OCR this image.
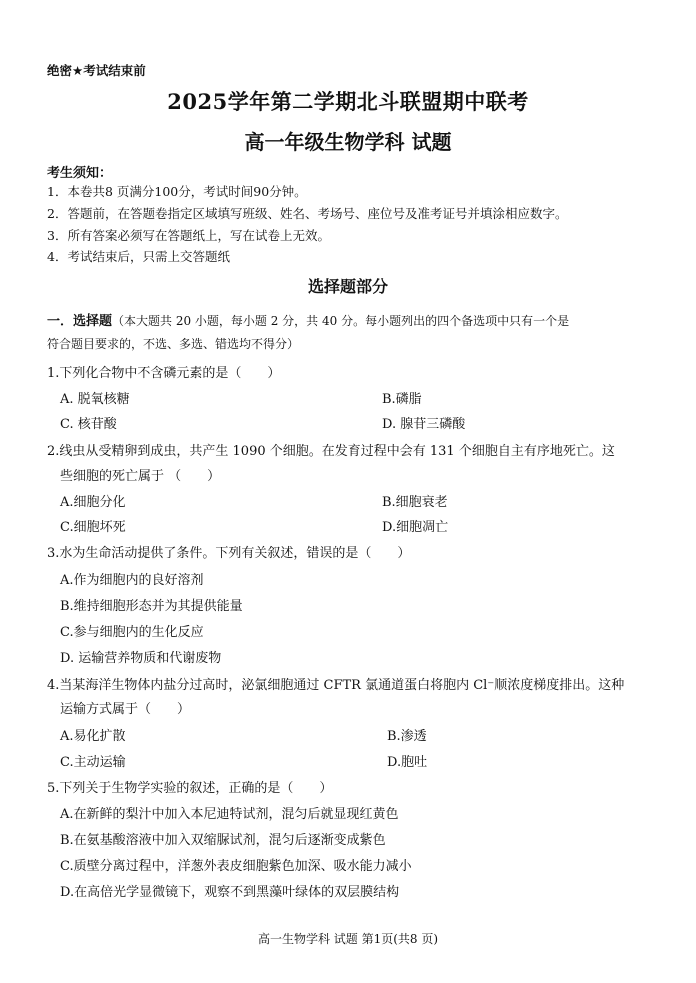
绝密★考试结束前
2025学年第二学期北斗联盟期中联考
高一年级生物学科 试题
考生须知：
1．本卷共8 页满分100分，考试时间90分钟。
2．答题前，在答题卷指定区域填写班级、姓名、考场号、座位号及准考证号并填涂相应数字。
3．所有答案必须写在答题纸上，写在试卷上无效。
4．考试结束后，只需上交答题纸
选择题部分
一．选择题（本大题共 20 小题，每小题 2 分，共 40 分。每小题列出的四个备选项中只有一个是
符合题目要求的，不选、多选、错选均不得分）
1.下列化合物中不含磷元素的是（　　）
A. 脱氧核糖	B.磷脂
C. 核苷酸	D. 腺苷三磷酸
2.线虫从受精卵到成虫，共产生 1090 个细胞。在发育过程中会有 131 个细胞自主有序地死亡。这
些细胞的死亡属于 （　　）
A.细胞分化	B.细胞衰老
C.细胞坏死	D.细胞凋亡
3.水为生命活动提供了条件。下列有关叙述，错误的是（　　）
A.作为细胞内的良好溶剂
B.维持细胞形态并为其提供能量
C.参与细胞内的生化反应
D. 运输营养物质和代谢废物
4.当某海洋生物体内盐分过高时，泌氯细胞通过 CFTR 氯通道蛋白将胞内 Cl⁻顺浓度梯度排出。这种
运输方式属于（　　）
A.易化扩散	B.渗透
C.主动运输	D.胞吐
5.下列关于生物学实验的叙述，正确的是（　　）
A.在新鲜的梨汁中加入本尼迪特试剂，混匀后就显现红黄色
B.在氨基酸溶液中加入双缩脲试剂，混匀后逐渐变成紫色
C.质壁分离过程中，洋葱外表皮细胞紫色加深、吸水能力减小
D.在高倍光学显微镜下，观察不到黑藻叶绿体的双层膜结构
高一生物学科 试题 第1页(共8 页)
